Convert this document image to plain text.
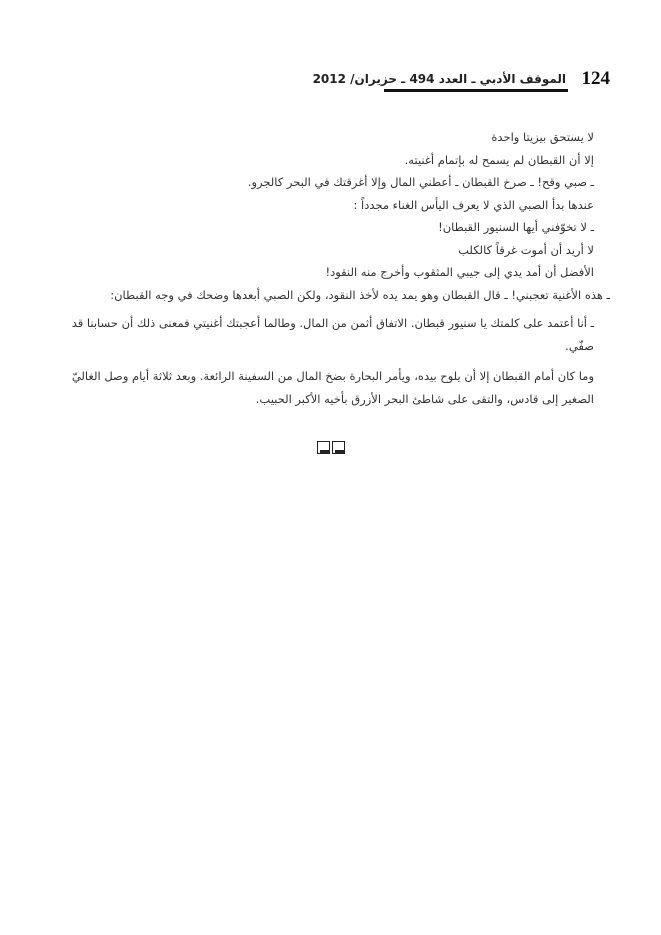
124
الموقف الأدبي ـ العدد 494 ـ حزيران/ 2012

لا يستحق بيزيتا واحدة

إلا أن القبطان لم يسمح له بإتمام أغنيته.

ـ صبي وقح! ـ صرخ القبطان ـ أعطني المال وإلا أغرقتك في البحر كالجرو.

عندها بدأ الصبي الذي لا يعرف اليأس الغناء مجدداً :

ـ لا تخوّفني أيها السنيور القبطان!

لا أريد أن أموت غرقاً كالكلب

الأفضل أن أمد يدي إلى جيبي المثقوب وأخرج منه النقود!

ـ هذه الأغنية تعجبني! ـ قال القبطان وهو يمد يده لأخذ النقود، ولكن الصبي أبعدها وضحك في وجه القبطان:

ـ أنا أعتمد على كلمتك يا سنيور قبطان. الاتفاق أثمن من المال. وطالما أعجبتك أغنيتي فمعنى ذلك أن حسابنا قد صفّي.

وما كان أمام القبطان إلا أن يلوح بيده، ويأمر البحارة بضخ المال من السفينة الرائعة. وبعد ثلاثة أيام وصل الغاليّ الصغير إلى قادس، والتقى على شاطئ البحر الأزرق بأخيه الأكبر الحبيب.
